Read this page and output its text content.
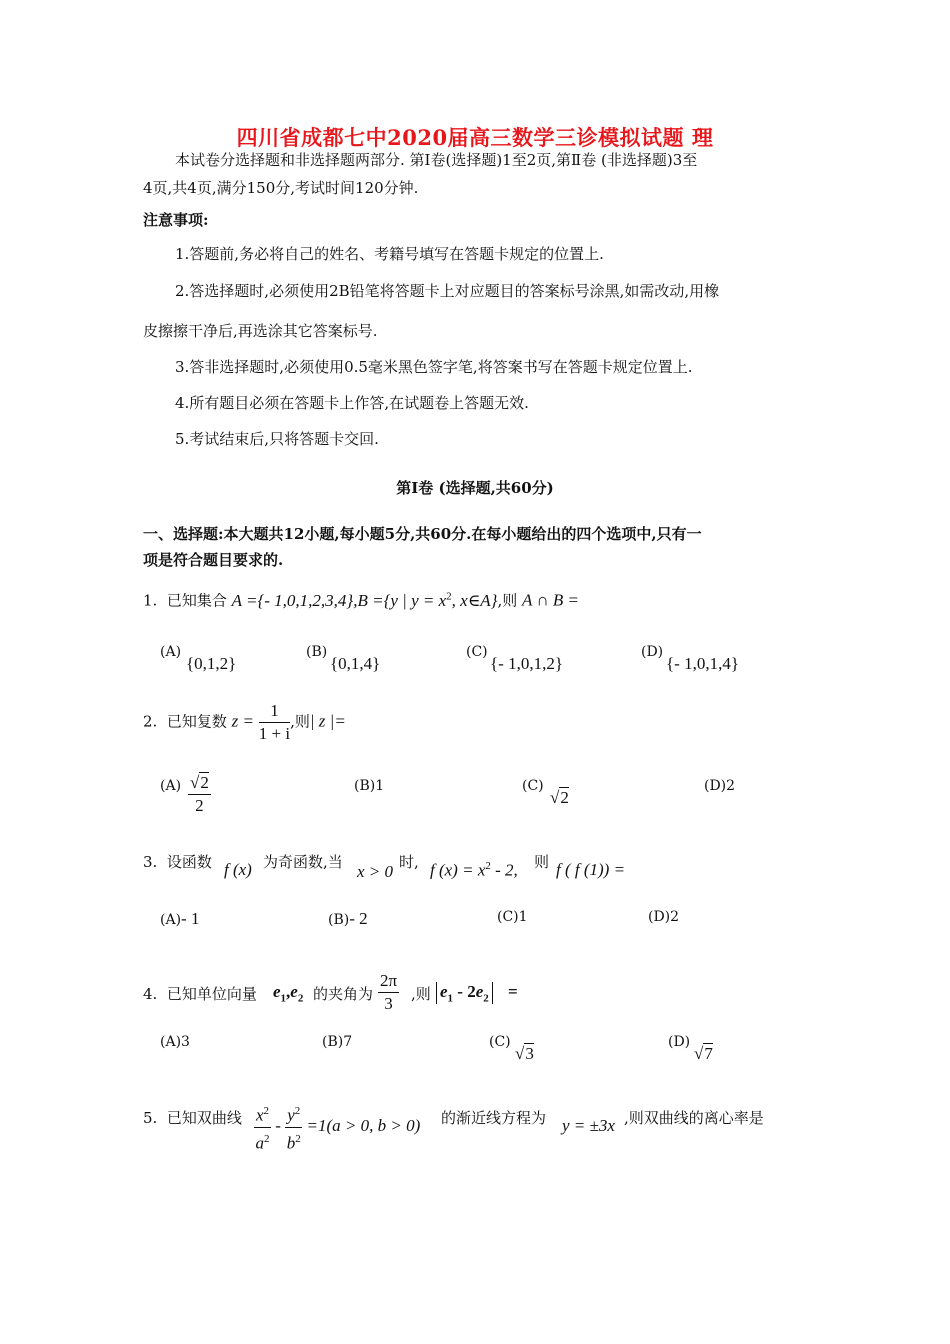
四川省成都七中2020届高三数学三诊模拟试题 理
本试卷分选择题和非选择题两部分. 第Ⅰ卷(选择题)1至2页,第Ⅱ卷 (非选择题)3至
4页,共4页,满分150分,考试时间120分钟.
注意事项:
1.答题前,务必将自己的姓名、考籍号填写在答题卡规定的位置上.
2.答选择题时,必须使用2B铅笔将答题卡上对应题目的答案标号涂黑,如需改动,用橡
皮擦擦干净后,再选涂其它答案标号.
3.答非选择题时,必须使用0.5毫米黑色签字笔,将答案书写在答题卡规定位置上.
4.所有题目必须在答题卡上作答,在试题卷上答题无效.
5.考试结束后,只将答题卡交回.
第Ⅰ卷 (选择题,共60分)
一、选择题:本大题共12小题,每小题5分,共60分.在每小题给出的四个选项中,只有一
项是符合题目要求的.
1. 已知集合 A ={- 1,0,1,2,3,4},B ={y | $y = x^2$, x∈A},则 A ∩ B =
(A)
{0,1,2}
(B)
{0,1,4}
(C)
{- 1,0,1,2}
(D)
{- 1,0,1,4}
2. 已知复数 $z = \frac{1}{1 + i}$ ,则| z |=
$(A) \frac{√2}{2}$	(B)1	(C)
√2
(D)2
3. 设函数 f (x) 为奇函数,当 x > 0 时, f $(x) = x^2 - 2$, 则 f ( f (1)) =
(A)- 1	(B)- 2	(C)1	(D)2
4. 已知单位向量 $e_1,e_2$ 的夹角为 $\frac{2\pi}{3}$ ,则 $e_1 - 2e_2$ =
(A)3	(B)7	(C)
√3
(D)
√7
5. 已知双曲线 $\frac{x^2}{a^2} - \frac{y^2}{b^2} =1(a > 0$, b > 0) 的渐近线方程为 y = ±3x ,则双曲线的离心率是
